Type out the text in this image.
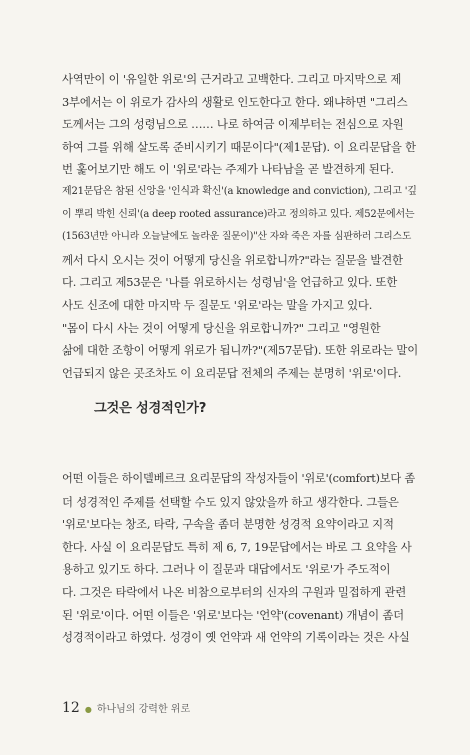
사역만이 이 '유일한 위로'의 근거라고 고백한다. 그리고 마지막으로 제
3부에서는 이 위로가 감사의 생활로 인도한다고 한다. 왜냐하면 "그리스
도께서는 그의 성령님으로 …… 나로 하여금 이제부터는 전심으로 자원
하여 그를 위해 살도록 준비시키기 때문이다"(제1문답). 이 요리문답을 한
번 훑어보기만 해도 이 '위로'라는 주제가 나타남을 곧 발견하게 된다.
제21문답은 참된 신앙을 '인식과 확신'(a knowledge and conviction), 그리고 '깊
이 뿌리 박힌 신뢰'(a deep rooted assurance)라고 정의하고 있다. 제52문에서는
(1563년만 아니라 오늘날에도 놀라운 질문이)"산 자와 죽은 자를 심판하러 그리스도
께서 다시 오시는 것이 어떻게 당신을 위로합니까?"라는 질문을 발견한
다. 그리고 제53문은 '나를 위로하시는 성령님'을 언급하고 있다. 또한
사도 신조에 대한 마지막 두 질문도 '위로'라는 말을 가지고 있다.
"몸이 다시 사는 것이 어떻게 당신을 위로합니까?" 그리고 "영원한
삶에 대한 조항이 어떻게 위로가 됩니까?"(제57문답). 또한 위로라는 말이
언급되지 않은 곳조차도 이 요리문답 전체의 주제는 분명히 '위로'이다.
그것은 성경적인가?
어떤 이들은 하이델베르크 요리문답의 작성자들이 '위로'(comfort)보다 좀
더 성경적인 주제를 선택할 수도 있지 않았을까 하고 생각한다. 그들은
'위로'보다는 창조, 타락, 구속을 좀더 분명한 성경적 요약이라고 지적
한다. 사실 이 요리문답도 특히 제 6, 7, 19문답에서는 바로 그 요약을 사
용하고 있기도 하다. 그러나 이 질문과 대답에서도 '위로'가 주도적이
다. 그것은 타락에서 나온 비참으로부터의 신자의 구원과 밀접하게 관련
된 '위로'이다. 어떤 이들은 '위로'보다는 '언약'(covenant) 개념이 좀더
성경적이라고 하였다. 성경이 옛 언약과 새 언약의 기록이라는 것은 사실
12 ● 하나님의 강력한 위로
